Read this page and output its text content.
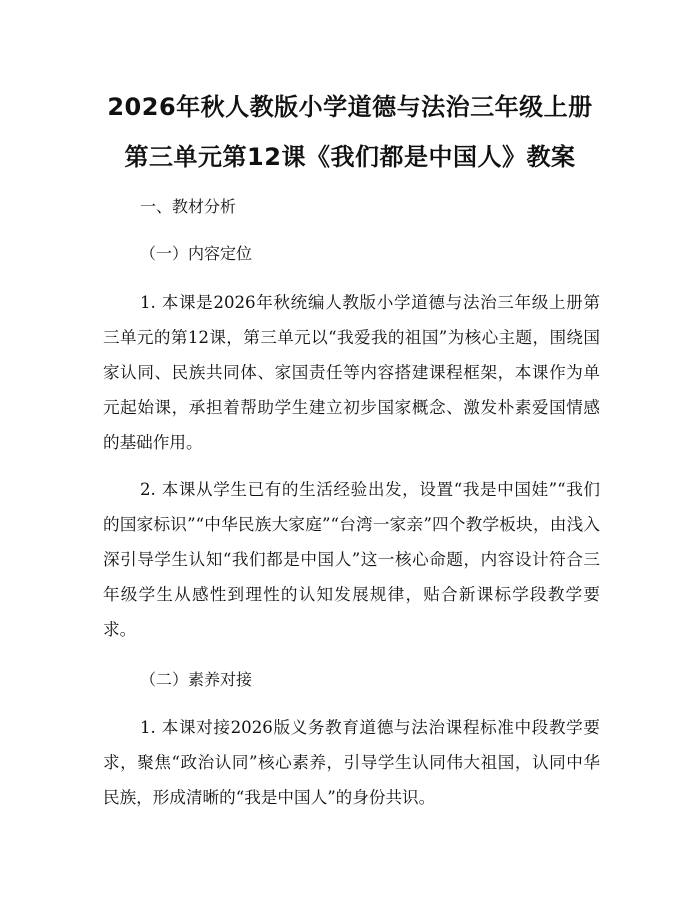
2026年秋人教版小学道德与法治三年级上册
第三单元第12课《我们都是中国人》教案
一、教材分析
（一）内容定位

1. 本课是2026年秋统编人教版小学道德与法治三年级上册第三单元的第12课，第三单元以“我爱我的祖国”为核心主题，围绕国家认同、民族共同体、家国责任等内容搭建课程框架，本课作为单元起始课，承担着帮助学生建立初步国家概念、激发朴素爱国情感的基础作用。

2. 本课从学生已有的生活经验出发，设置“我是中国娃”“我们的国家标识”“中华民族大家庭”“台湾一家亲”四个教学板块，由浅入深引导学生认知“我们都是中国人”这一核心命题，内容设计符合三年级学生从感性到理性的认知发展规律，贴合新课标学段教学要求。

（二）素养对接

1. 本课对接2026版义务教育道德与法治课程标准中段教学要求，聚焦“政治认同”核心素养，引导学生认同伟大祖国，认同中华民族，形成清晰的“我是中国人”的身份共识。
